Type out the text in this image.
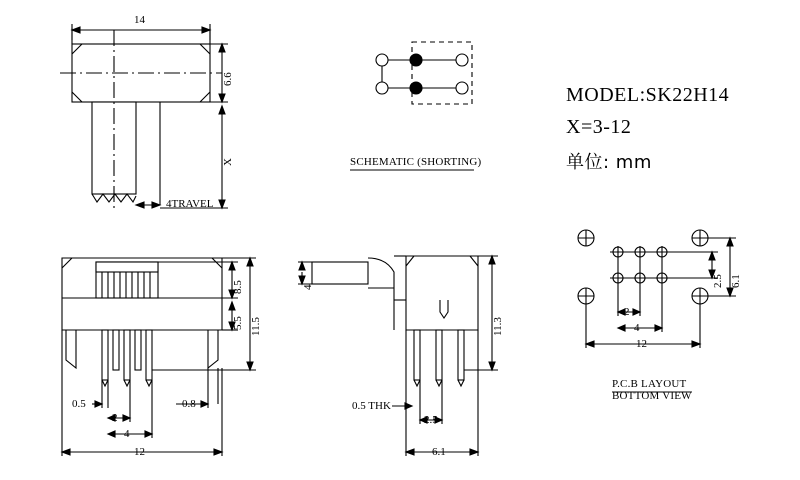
14
6.6
X
4TRAVEL
SCHEMATIC (SHORTING)
MODEL:SK22H14
X=3-12
单位: mm
8.5
5.5 11.5
0.5
2
4
0.8
12
4
11.3
0.5 THK
2.5
6.1
2.5 6.1
2
4
12
P.C.B LAYOUT
BOTTOM VIEW
